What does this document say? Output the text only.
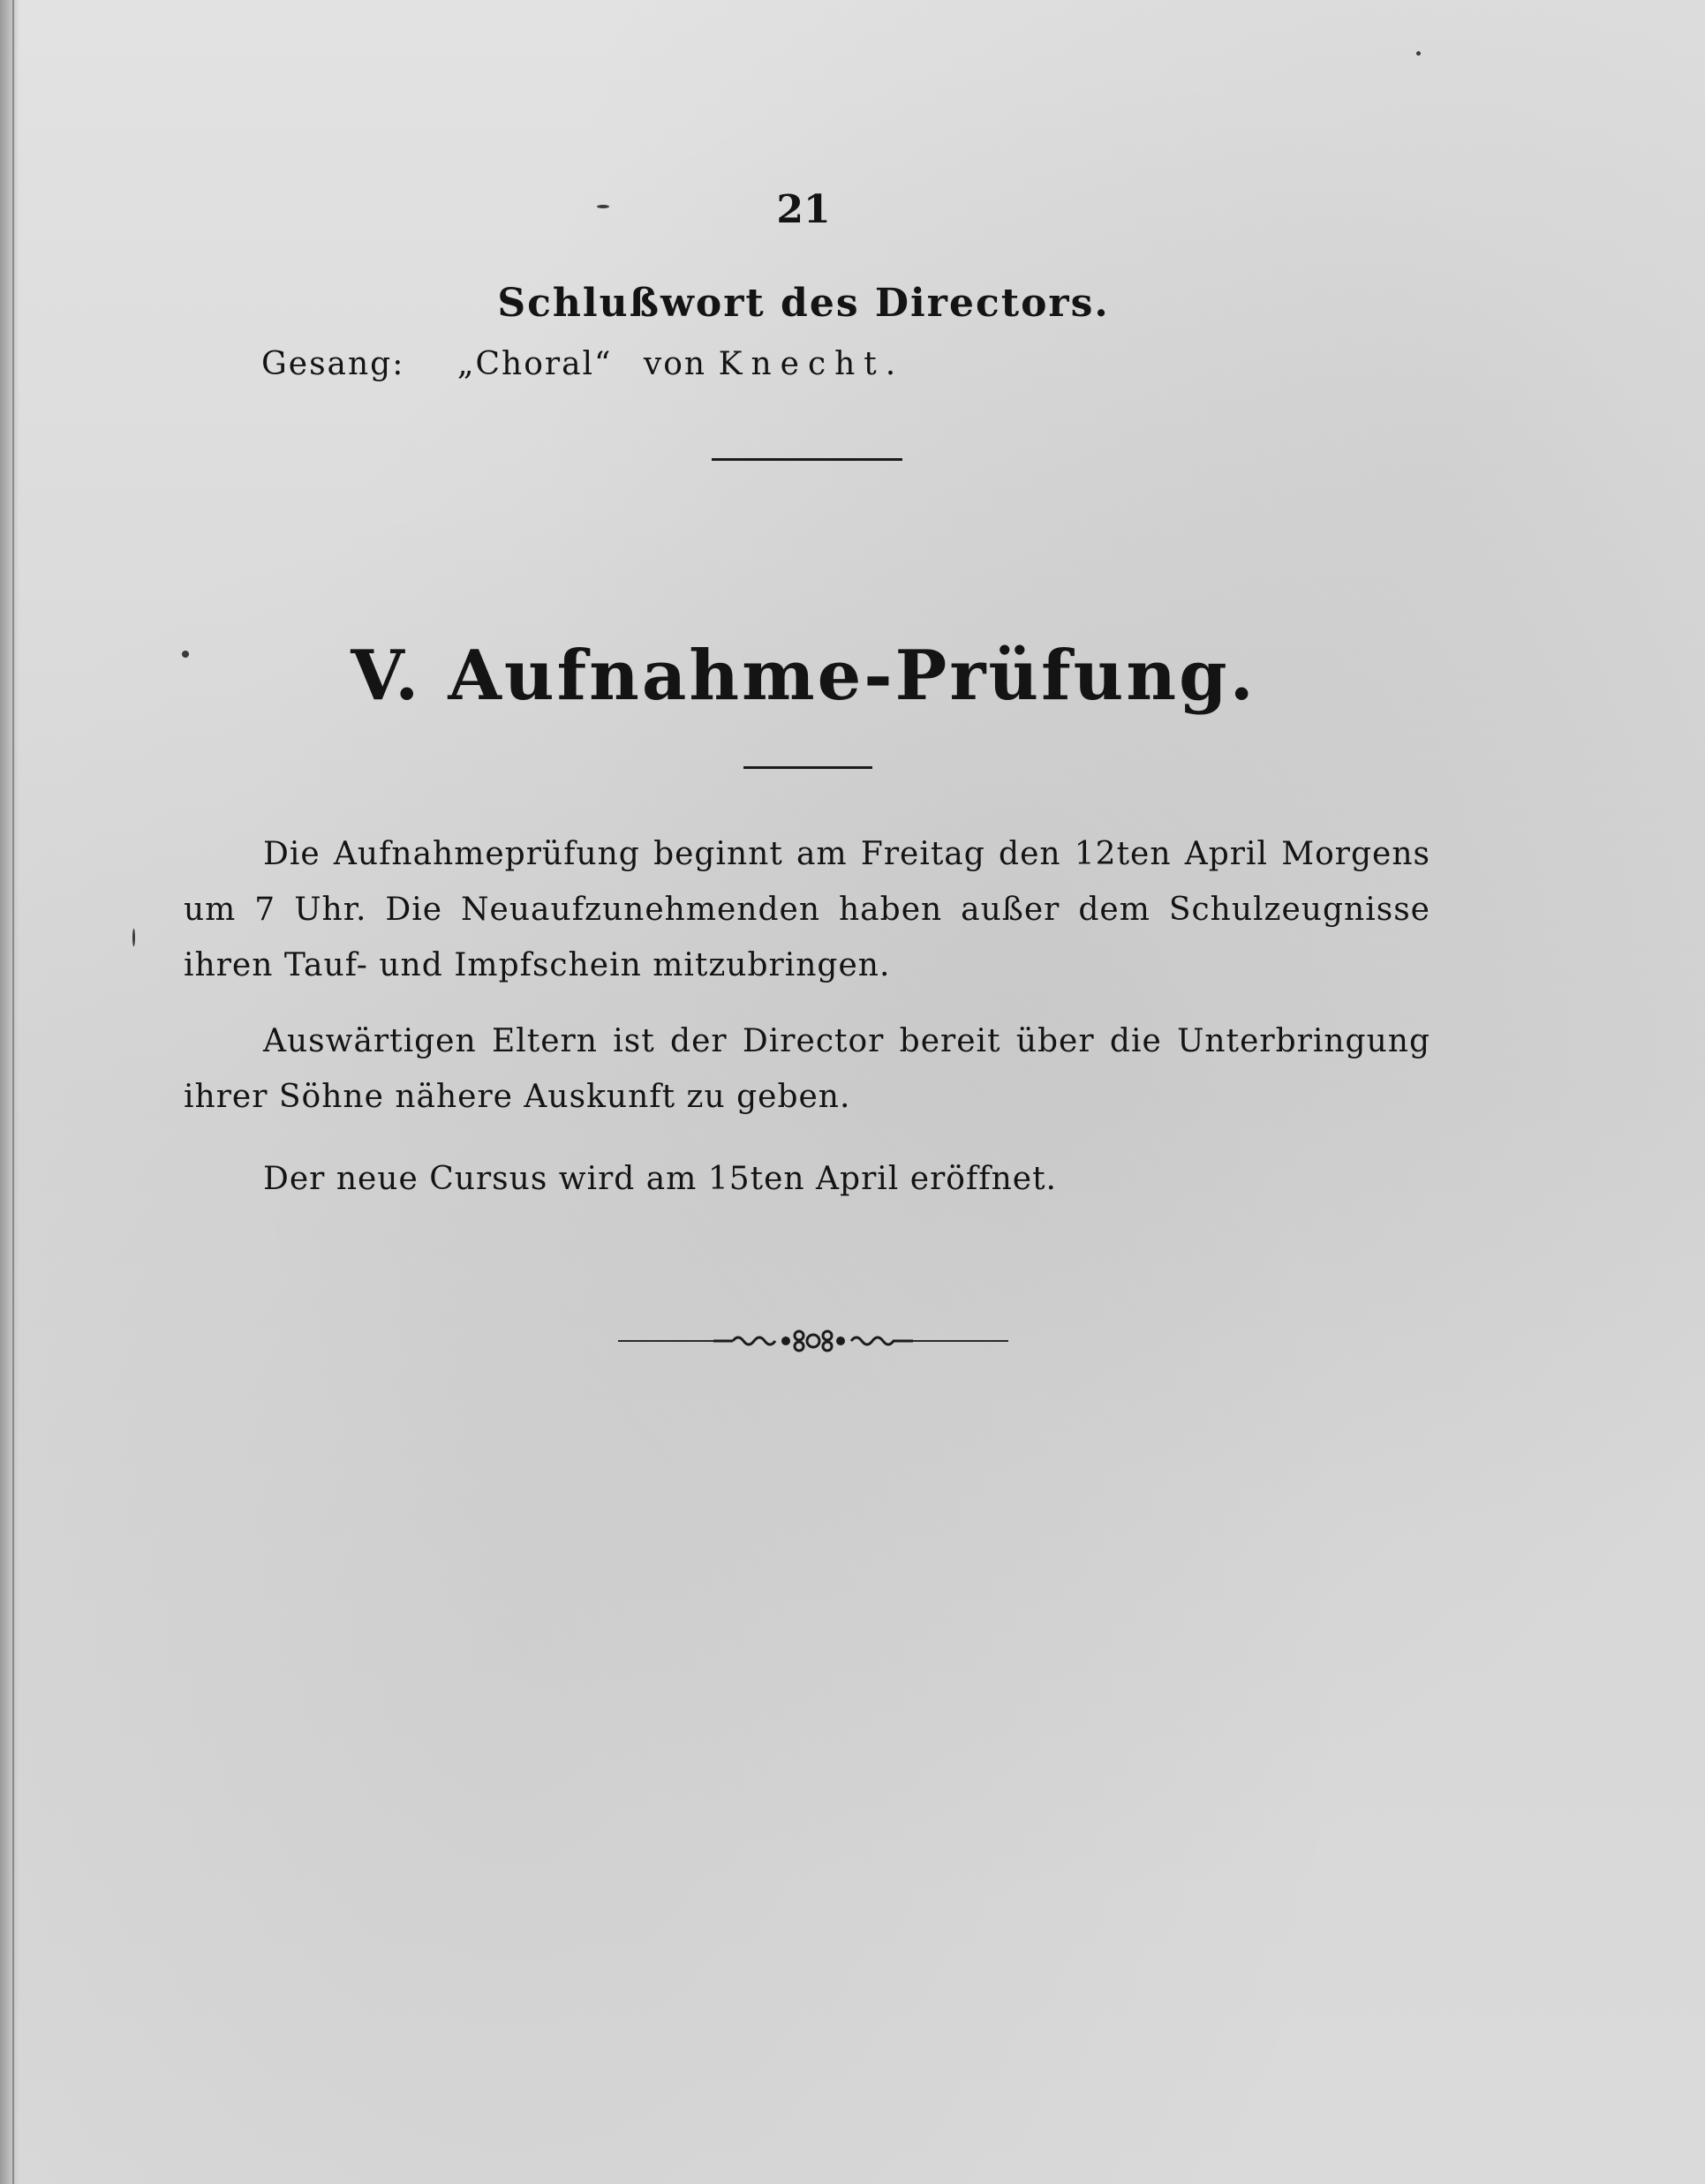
21
Schlußwort des Directors.
Gesang: „Choral“ von Knecht.
V. Aufnahme-Prüfung.

Die Aufnahmeprüfung beginnt am Freitag den 12ten April Morgens um 7 Uhr. Die Neuaufzunehmenden haben außer dem Schulzeugnisse ihren Tauf- und Impfschein mitzubringen.

Auswärtigen Eltern ist der Director bereit über die Unterbringung ihrer Söhne nähere Auskunft zu geben.

Der neue Cursus wird am 15ten April eröffnet.
